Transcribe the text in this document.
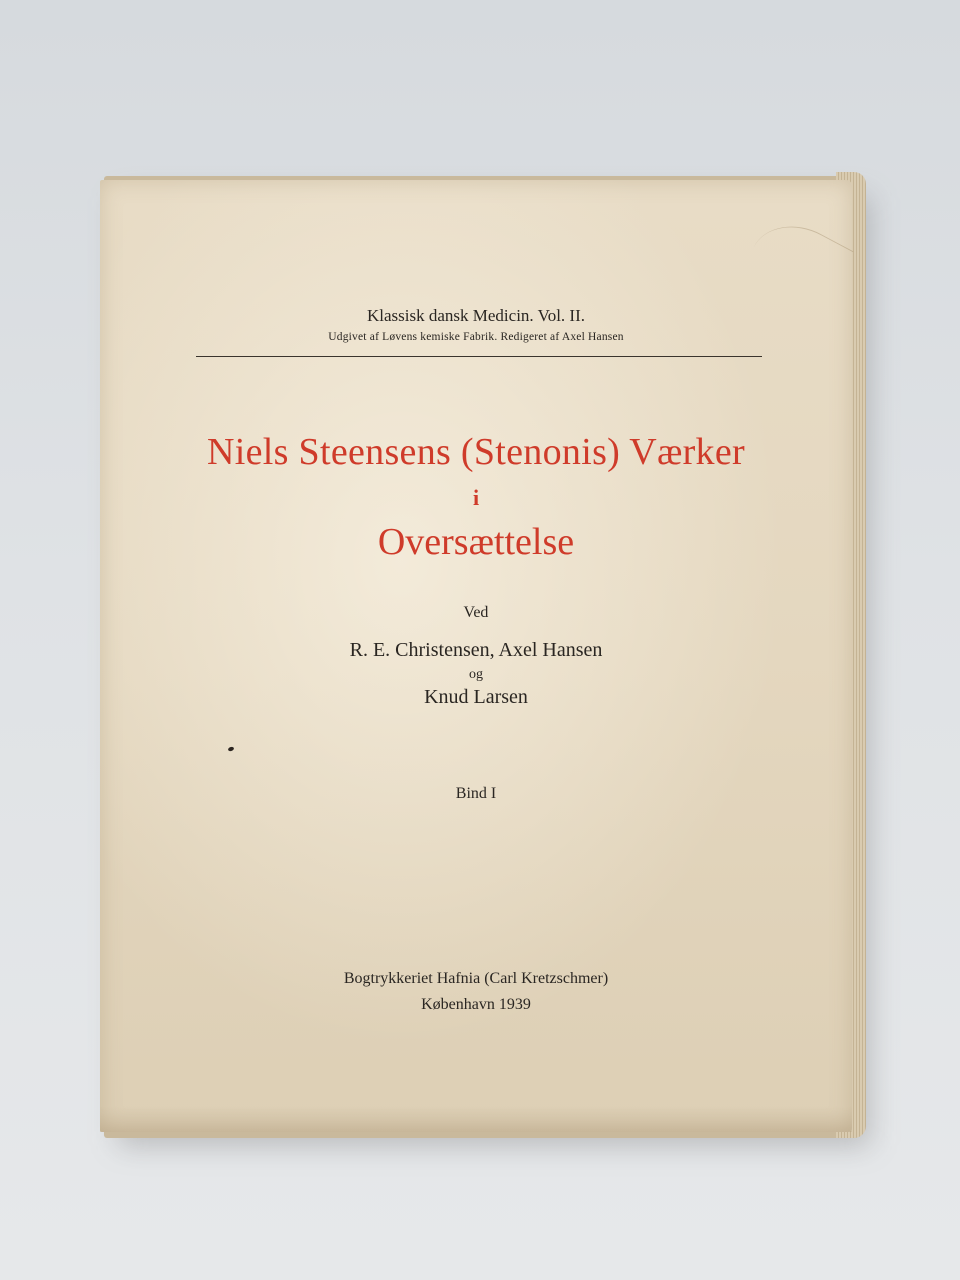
Klassisk dansk Medicin. Vol. II.
Udgivet af Løvens kemiske Fabrik. Redigeret af Axel Hansen
Niels Steensens (Stenonis) Værker
i
Oversættelse
Ved
R. E. Christensen, Axel Hansen
og
Knud Larsen
Bind I
Bogtrykkeriet Hafnia (Carl Kretzschmer)
København 1939
